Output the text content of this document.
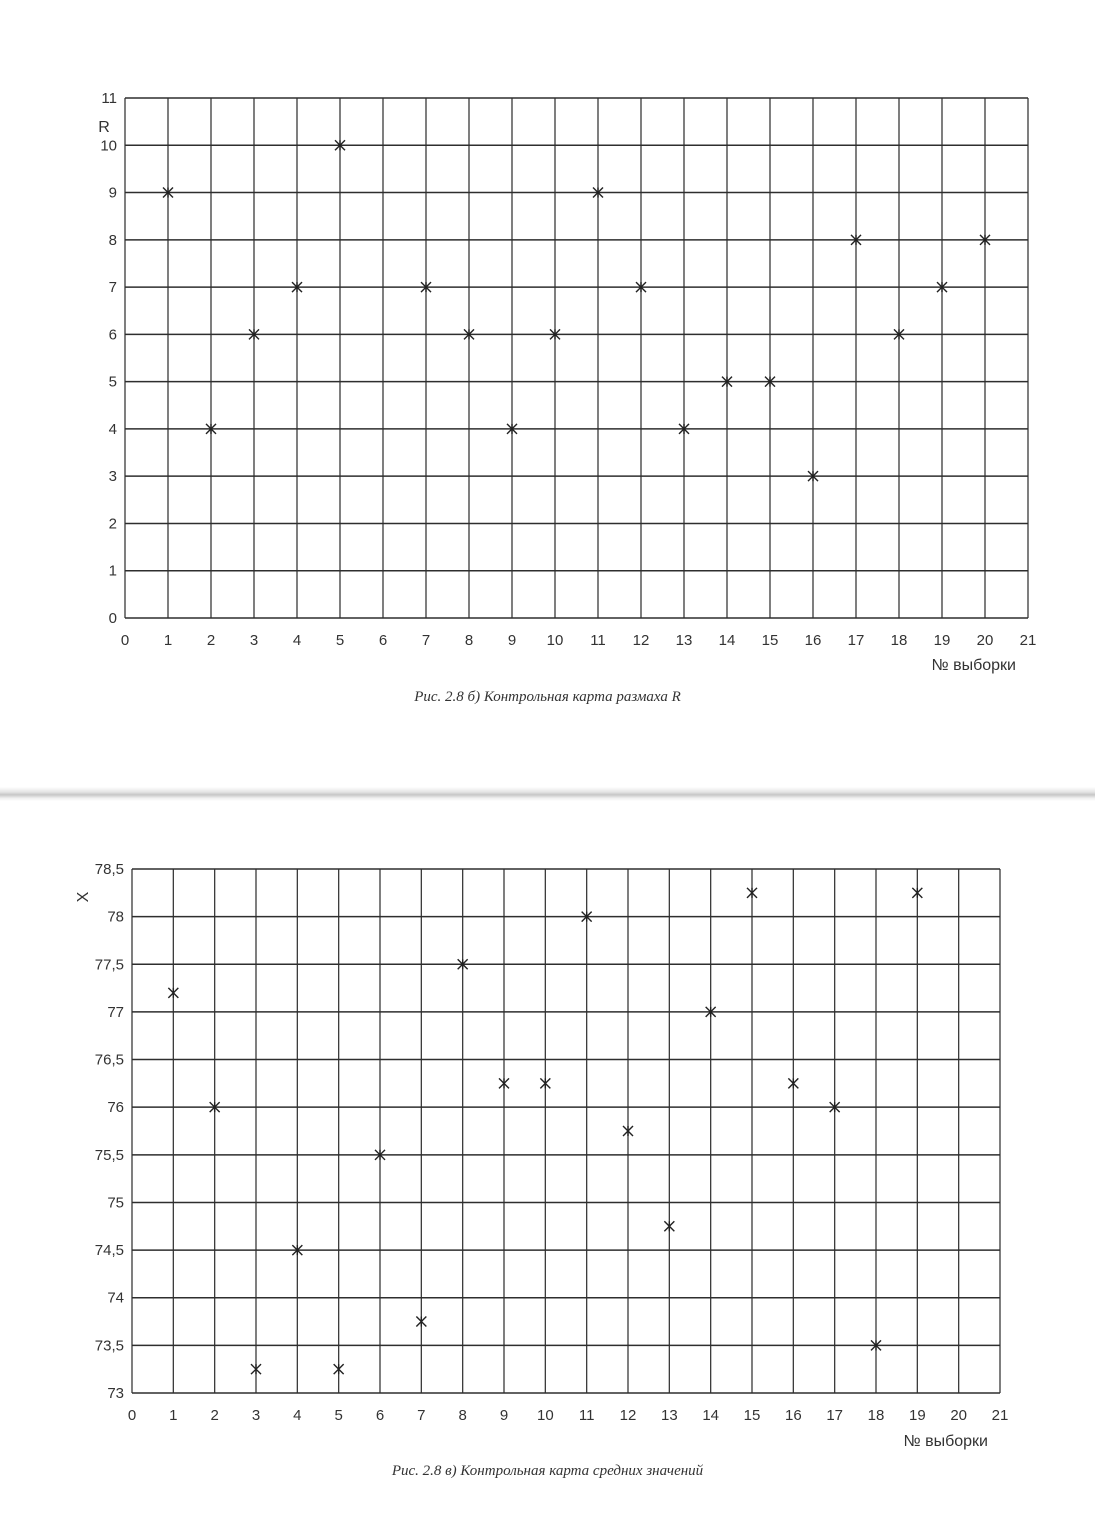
0
1
2
3
4
5
6
7
8
9
10
11
0 1 2 3 4 5 6 7 8 9 10 11 12 13 14 15 16 17 18 19 20 21
№ выборки
R
Рис. 2.8 б) Контрольная карта размаха R
73
73,5
74
74,5
75
75,5
76
76,5
77
77,5
78
78,5
0 1 2 3 4 5 6 7 8 9 10 11 12 13 14 15 16 17 18 19 20 21
№ выборки
X
Рис. 2.8 в) Контрольная карта средних значений
